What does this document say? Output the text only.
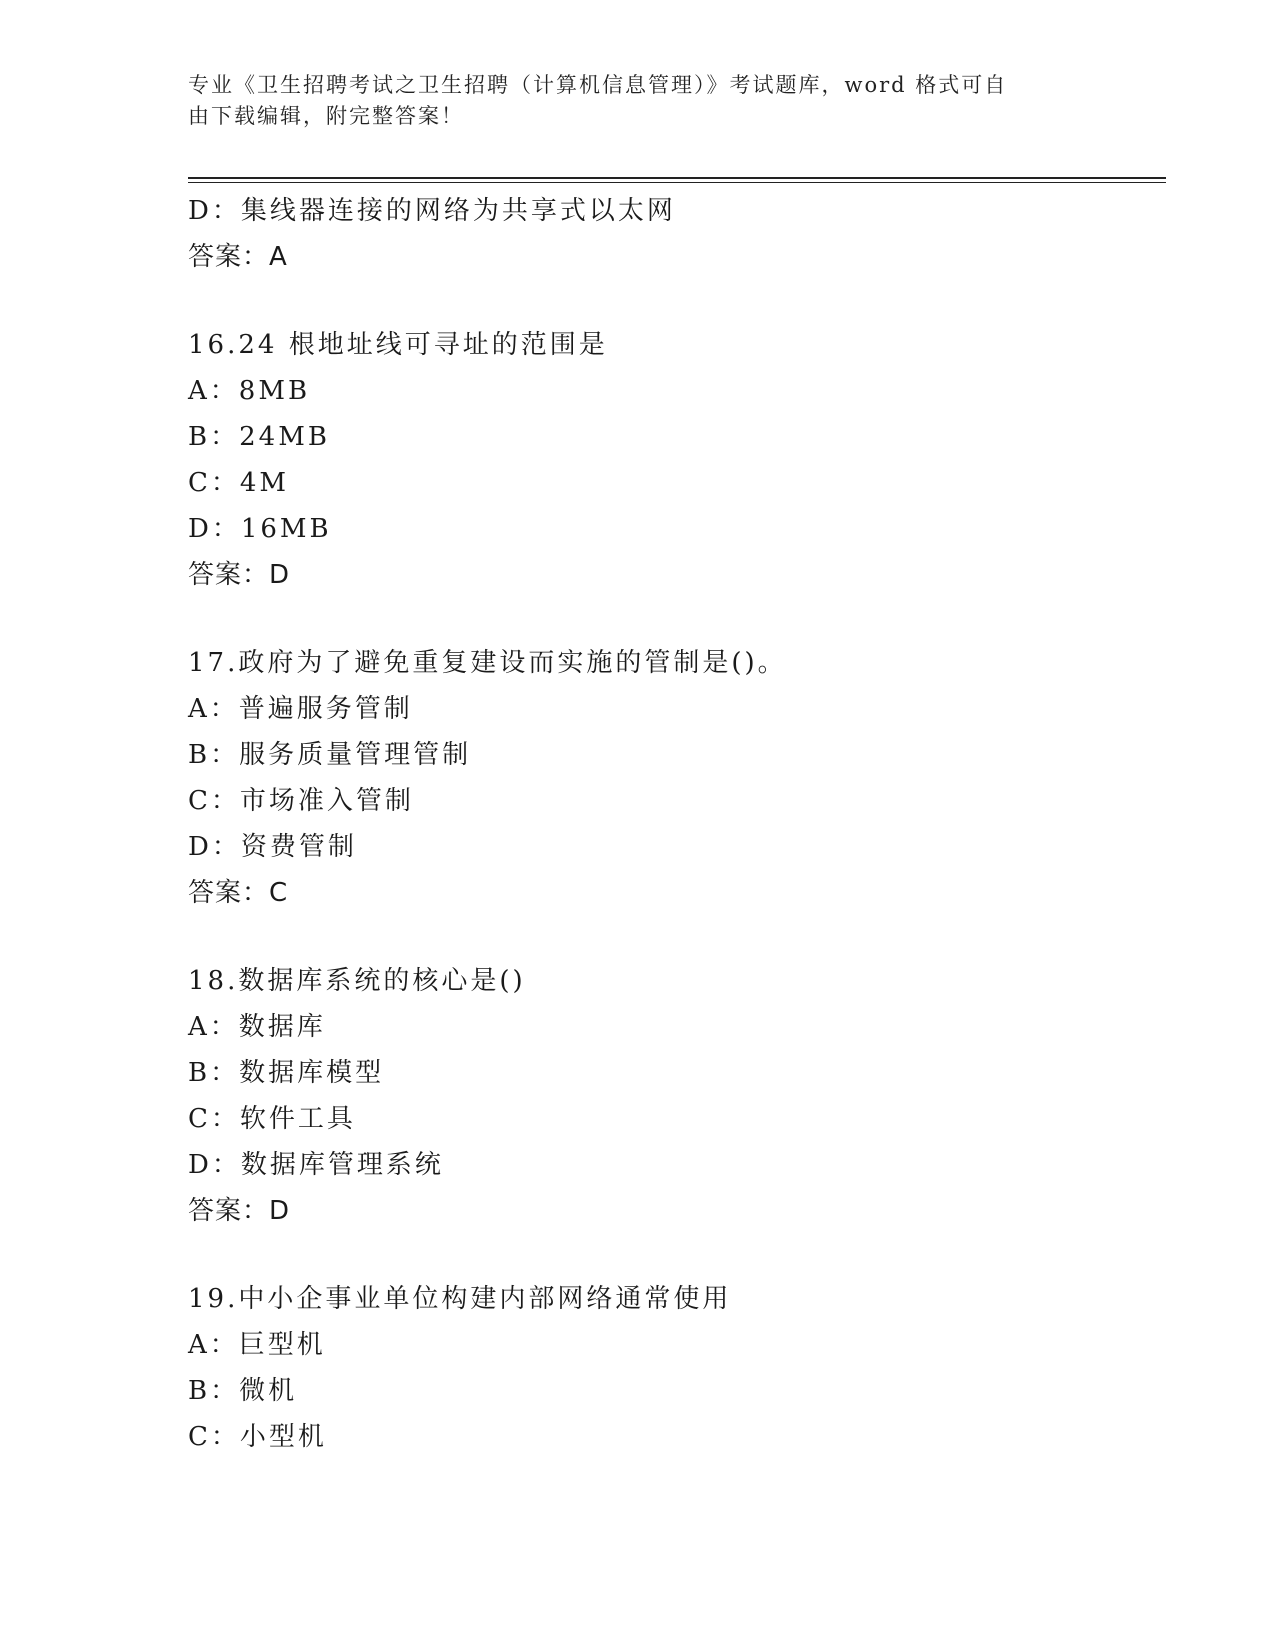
专业《卫生招聘考试之卫生招聘（计算机信息管理）》考试题库，word 格式可自
由下载编辑，附完整答案！
D：集线器连接的网络为共享式以太网
答案：A
16.24 根地址线可寻址的范围是
A：8MB
B：24MB
C：4M
D：16MB
答案：D
17.政府为了避免重复建设而实施的管制是()。
A：普遍服务管制
B：服务质量管理管制
C：市场准入管制
D：资费管制
答案：C
18.数据库系统的核心是()
A：数据库
B：数据库模型
C：软件工具
D：数据库管理系统
答案：D
19.中小企事业单位构建内部网络通常使用
A：巨型机
B：微机
C：小型机
